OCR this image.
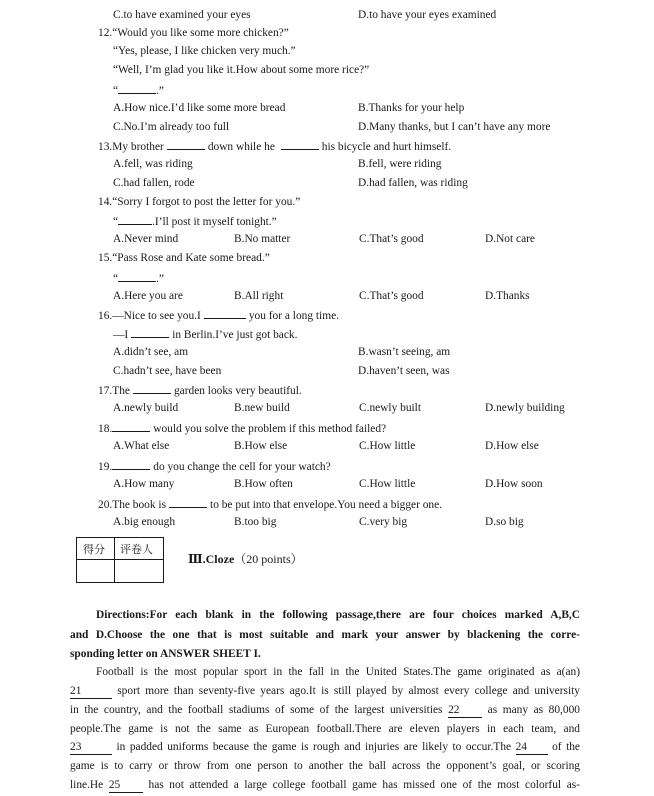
C.to have examined your eyes	D.to have your eyes examined
12.“Would you like some more chicken?”
“Yes, please, I like chicken very much.”
“Well, I’m glad you like it.How about some more rice?”
“	.”
A.How nice.I’d like some more bread	B.Thanks for your help
C.No.I’m already too full	D.Many thanks, but I can’t have any more
13.My brother	down while he	his bicycle and hurt himself.
A.fell, was riding	B.fell, were riding
C.had fallen, rode	D.had fallen, was riding
14.“Sorry I forgot to post the letter for you.”
“	.I’ll post it myself tonight.”
A.Never mind	B.No matter	C.That’s good	D.Not care
15.“Pass Rose and Kate some bread.”
“	.”
A.Here you are	B.All right	C.That’s good	D.Thanks
16.—Nice to see you.I	you for a long time.
—I	in Berlin.I’ve just got back.
A.didn’t see, am	B.wasn’t seeing, am
C.hadn’t see, have been	D.haven’t seen, was
17.The	garden looks very beautiful.
A.newly build	B.new build	C.newly built	D.newly building
18.	would you solve the problem if this method failed?
A.What else	B.How else	C.How little	D.How else
19.	do you change the cell for your watch?
A.How many	B.How often	C.How little	D.How soon
20.The book is	to be put into that envelope.You need a bigger one.
A.big enough	B.too big	C.very big	D.so big
得分 评卷人
Ⅲ.Cloze（20 points）
Directions:For each blank in the following passage,there are four choices marked A,B,C
and D.Choose the one that is most suitable and mark your answer by blackening the corre-
sponding letter on ANSWER SHEET I.
Football is the most popular sport in the fall in the United States.The game originated as a(an)
21	sport more than seventy-five years ago.It is still played by almost every college and university
in the country, and the football stadiums of some of the largest universities 22 as many as 80,000
people.The game is not the same as European football.There are eleven players in each team, and
23	in padded uniforms because the game is rough and injuries are likely to occur.The 24 of the
game is to carry or throw from one person to another the ball across the opponent’s goal, or scoring
line.He 25 has not attended a large college football game has missed one of the most colorful as-
